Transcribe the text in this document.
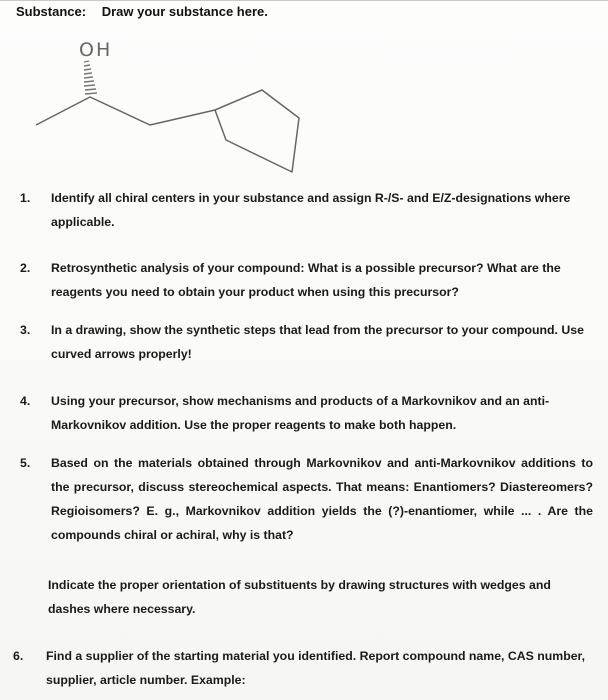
Substance: Draw your substance here.
OH
1. Identify all chiral centers in your substance and assign R-/S- and E/Z-designations where applicable.
2. Retrosynthetic analysis of your compound: What is a possible precursor? What are the reagents you need to obtain your product when using this precursor?
3. In a drawing, show the synthetic steps that lead from the precursor to your compound. Use curved arrows properly!
4. Using your precursor, show mechanisms and products of a Markovnikov and an anti-Markovnikov addition. Use the proper reagents to make both happen.
5. Based on the materials obtained through Markovnikov and anti-Markovnikov additions to the precursor, discuss stereochemical aspects. That means: Enantiomers? Diastereomers? Regioisomers? E. g., Markovnikov addition yields the (?)-enantiomer, while ... . Are the compounds chiral or achiral, why is that?
Indicate the proper orientation of substituents by drawing structures with wedges and dashes where necessary.
6. Find a supplier of the starting material you identified. Report compound name, CAS number, supplier, article number. Example:
